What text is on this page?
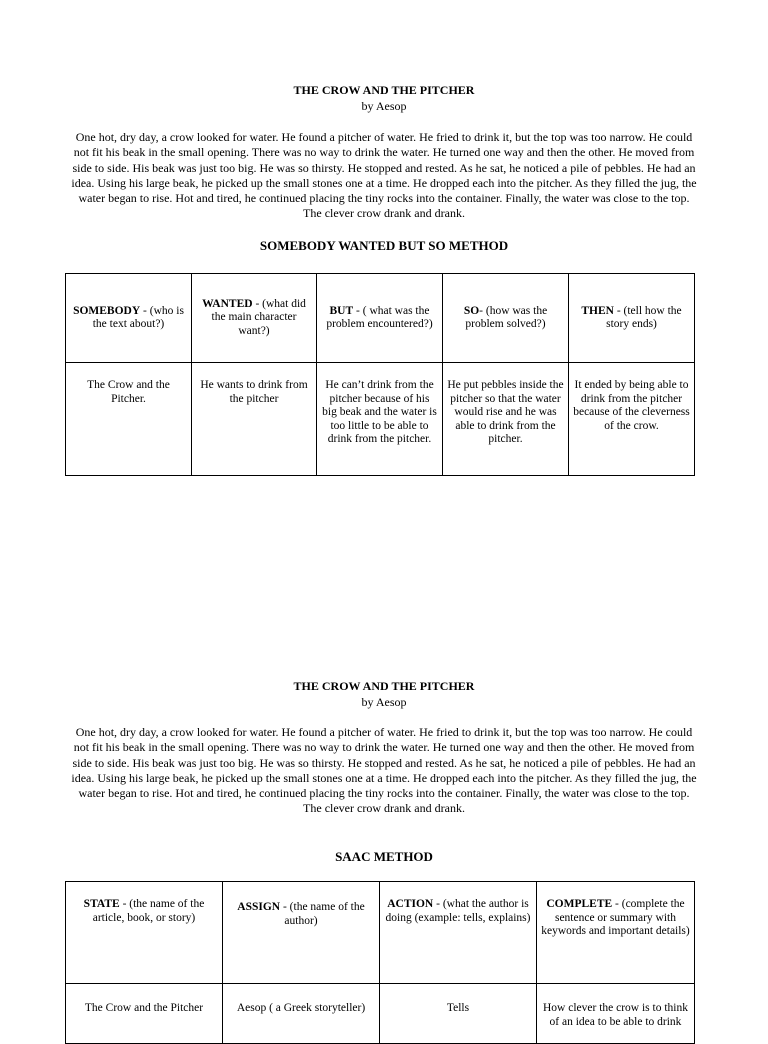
THE CROW AND THE PITCHER
by Aesop
One hot, dry day, a crow looked for water. He found a pitcher of water. He fried to drink it, but the top was too narrow. He could not fit his beak in the small opening. There was no way to drink the water. He turned one way and then the other. He moved from side to side. His beak was just too big. He was so thirsty. He stopped and rested. As he sat, he noticed a pile of pebbles. He had an idea. Using his large beak, he picked up the small stones one at a time. He dropped each into the pitcher. As they filled the jug, the water began to rise. Hot and tired, he continued placing the tiny rocks into the container. Finally, the water was close to the top. The clever crow drank and drank.
SOMEBODY WANTED BUT SO METHOD
SOMEBODY - (who is the text about?)	WANTED - (what did the main character want?)	BUT - ( what was the problem encountered?)	SO- (how was the problem solved?)	THEN - (tell how the story ends)
The Crow and the Pitcher.	He wants to drink from the pitcher	He can’t drink from the pitcher because of his big beak and the water is too little to be able to drink from the pitcher.	He put pebbles inside the pitcher so that the water would rise and he was able to drink from the pitcher.	It ended by being able to drink from the pitcher because of the cleverness of the crow.
THE CROW AND THE PITCHER
by Aesop
One hot, dry day, a crow looked for water. He found a pitcher of water. He fried to drink it, but the top was too narrow. He could not fit his beak in the small opening. There was no way to drink the water. He turned one way and then the other. He moved from side to side. His beak was just too big. He was so thirsty. He stopped and rested. As he sat, he noticed a pile of pebbles. He had an idea. Using his large beak, he picked up the small stones one at a time. He dropped each into the pitcher. As they filled the jug, the water began to rise. Hot and tired, he continued placing the tiny rocks into the container. Finally, the water was close to the top. The clever crow drank and drank.
SAAC METHOD
STATE - (the name of the article, book, or story)	ASSIGN - (the name of the author)	ACTION - (what the author is doing (example: tells, explains)	COMPLETE - (complete the sentence or summary with keywords and important details)
The Crow and the Pitcher	Aesop ( a Greek storyteller)	Tells	How clever the crow is to think of an idea to be able to drink
